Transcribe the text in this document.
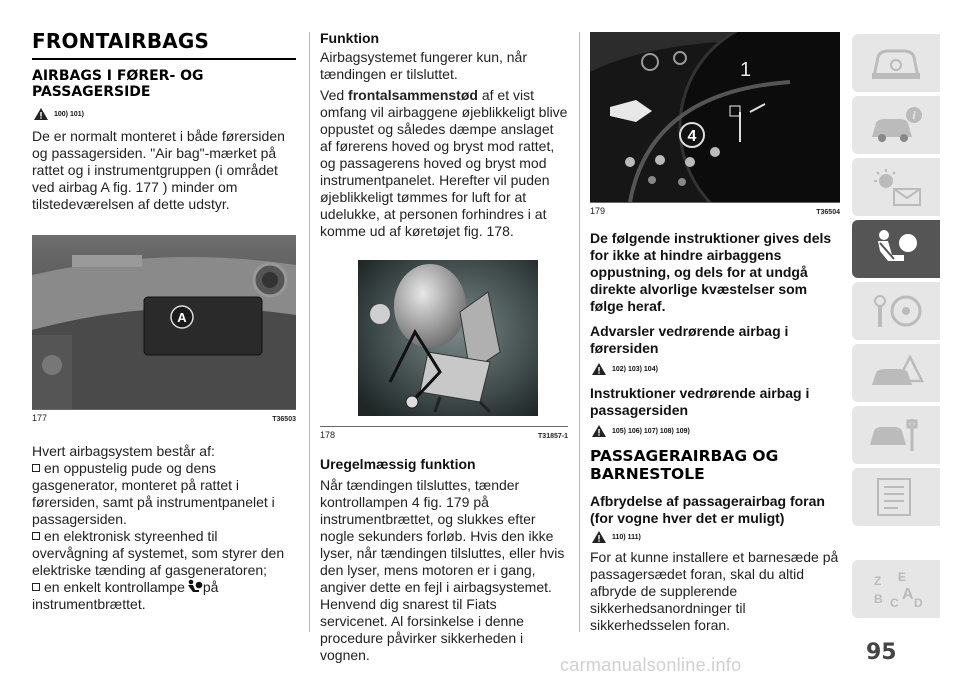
FRONTAIRBAGS
AIRBAGS I FØRER- OG PASSAGERSIDE
100) 101)

De er normalt monteret i både førersiden og passagersiden. "Air bag"-mærket på rattet og i instrumentgruppen (i området ved airbag A fig. 177 ) minder om tilstedeværelsen af dette udstyr.

A
177	T36503

Hvert airbagsystem består af:

en oppustelig pude og dens gasgenerator, monteret på rattet i førersiden, samt på instrumentpanelet i passagersiden.

en elektronisk styreenhed til overvågning af systemet, som styrer den elektriske tænding af gasgeneratoren;

en enkelt kontrollampe på instrumentbrættet.

Funktion

Airbagsystemet fungerer kun, når tændingen er tilsluttet.

Ved frontalsammenstød af et vist omfang vil airbaggene øjeblikkeligt blive oppustet og således dæmpe anslaget af førerens hoved og bryst mod rattet, og passagerens hoved og bryst mod instrumentpanelet. Herefter vil puden øjeblikkeligt tømmes for luft for at udelukke, at personen forhindres i at komme ud af køretøjet fig. 178.

178	T31857-1
Uregelmæssig funktion

Når tændingen tilsluttes, tænder kontrollampen 4 fig. 179 på instrumentbrættet, og slukkes efter nogle sekunders forløb. Hvis den ikke lyser, når tændingen tilsluttes, eller hvis den lyser, mens motoren er i gang, angiver dette en fejl i airbagsystemet. Henvend dig snarest til Fiats servicenet. Al forsinkelse i denne procedure påvirker sikkerheden i vognen.

1
4
179	T36504
De følgende instruktioner gives dels for ikke at hindre airbaggens oppustning, og dels for at undgå direkte alvorlige kvæstelser som følge heraf.
Advarsler vedrørende airbag i førersiden
102) 103) 104)
Instruktioner vedrørende airbag i passagersiden
105) 106) 107) 108) 109)
PASSAGERAIRBAG OG BARNESTOLE
Afbrydelse af passagerairbag foran (for vogne hver det er muligt)
110) 111)

For at kunne installere et barnesæde på passagersædet foran, skal du altid afbryde de supplerende sikkerhedsanordninger til sikkerhedsselen foran.

i
Z E
B C A D
95
carmanualsonline.info
